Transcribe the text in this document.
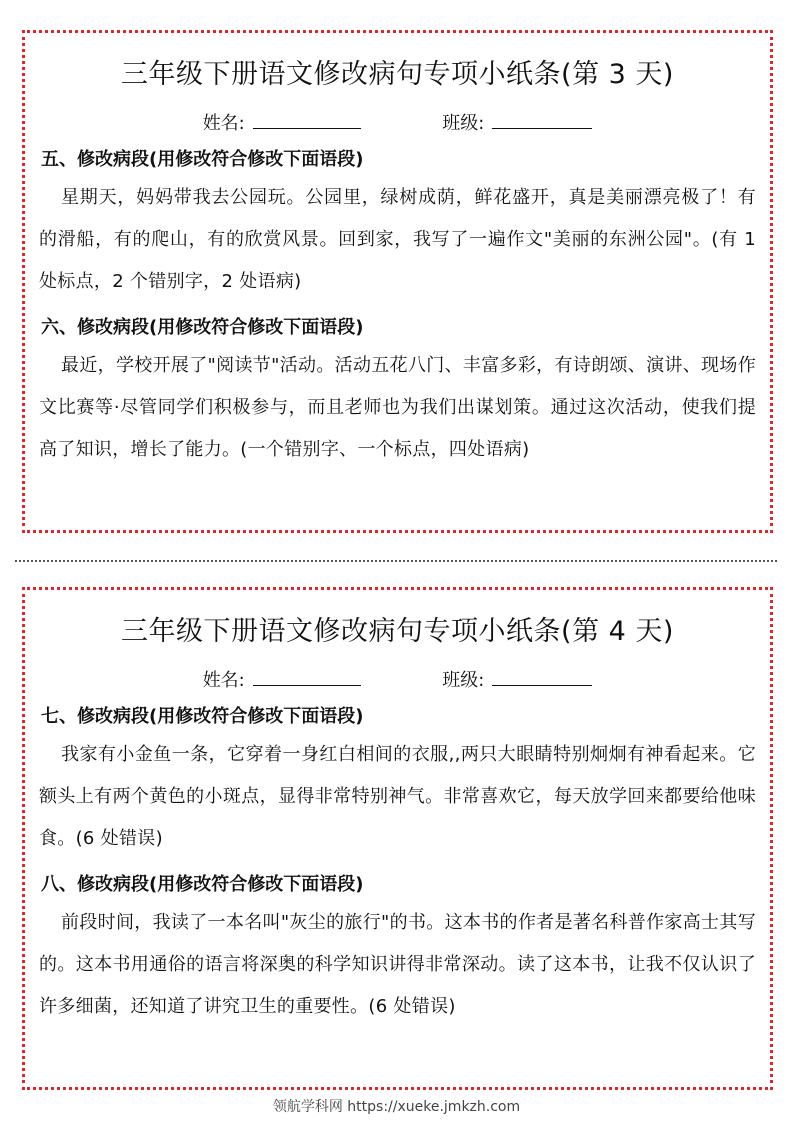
三年级下册语文修改病句专项小纸条(第 3 天)
姓名:	班级:
五、修改病段(用修改符合修改下面语段)
星期天，妈妈带我去公园玩。公园里，绿树成荫，鲜花盛开，真是美丽漂亮极了！有的滑船，有的爬山，有的欣赏风景。回到家，我写了一遍作文"美丽的东洲公园"。(有 1 处标点，2 个错别字，2 处语病)
六、修改病段(用修改符合修改下面语段)
最近，学校开展了"阅读节"活动。活动五花八门、丰富多彩，有诗朗颂、演讲、现场作文比赛等·尽管同学们积极参与，而且老师也为我们出谋划策。通过这次活动，使我们提高了知识，增长了能力。(一个错别字、一个标点，四处语病)
三年级下册语文修改病句专项小纸条(第 4 天)
姓名:	班级:
七、修改病段(用修改符合修改下面语段)
我家有小金鱼一条，它穿着一身红白相间的衣服,,两只大眼睛特别炯炯有神看起来。它额头上有两个黄色的小斑点，显得非常特别神气。非常喜欢它，每天放学回来都要给他味食。(6 处错误)
八、修改病段(用修改符合修改下面语段)
前段时间，我读了一本名叫"灰尘的旅行"的书。这本书的作者是著名科普作家高士其写的。这本书用通俗的语言将深奥的科学知识讲得非常深动。读了这本书，让我不仅认识了许多细菌，还知道了讲究卫生的重要性。(6 处错误)
领航学科网 https://xueke.jmkzh.com
